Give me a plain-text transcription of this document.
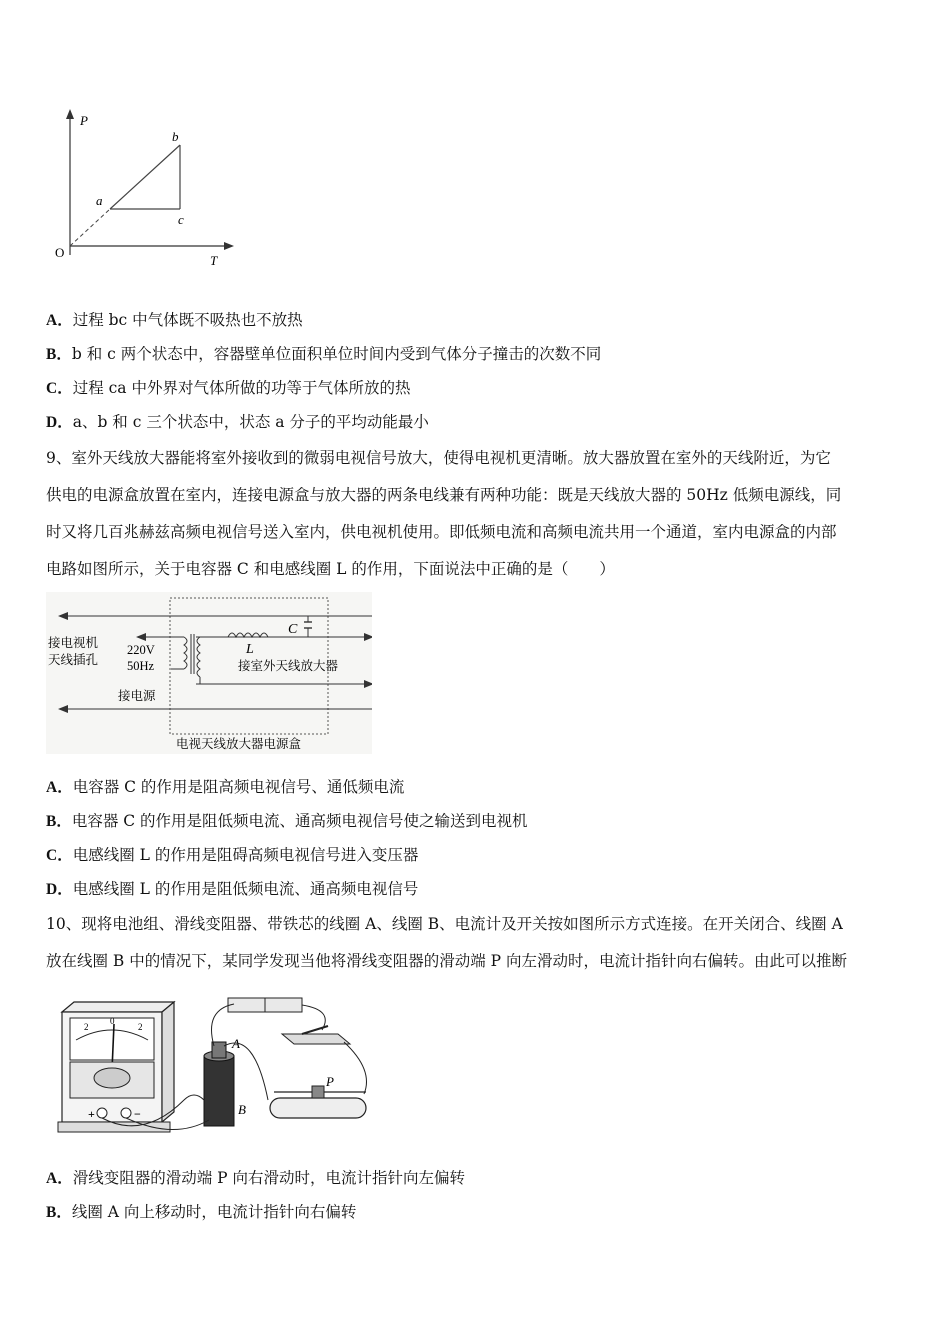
P
T
O
a
b
c
A．过程 bc 中气体既不吸热也不放热
B．b 和 c 两个状态中，容器壁单位面积单位时间内受到气体分子撞击的次数不同
C．过程 ca 中外界对气体所做的功等于气体所放的热
D．a、b 和 c 三个状态中，状态 a 分子的平均动能最小
9、室外天线放大器能将室外接收到的微弱电视信号放大，使得电视机更清晰。放大器放置在室外的天线附近，为它
供电的电源盒放置在室内，连接电源盒与放大器的两条电线兼有两种功能：既是天线放大器的 50Hz 低频电源线，同
时又将几百兆赫兹高频电视信号送入室内，供电视机使用。即低频电流和高频电流共用一个通道，室内电源盒的内部
电路如图所示，关于电容器 C 和电感线圈 L 的作用，下面说法中正确的是（　　）
接电视机
天线插孔
220V
50Hz
接电源
L
C
接室外天线放大器
电视天线放大器电源盒
A．电容器 C 的作用是阻高频电视信号、通低频电流
B．电容器 C 的作用是阻低频电流、通高频电视信号使之输送到电视机
C．电感线圈 L 的作用是阻碍高频电视信号进入变压器
D．电感线圈 L 的作用是阻低频电流、通高频电视信号
10、现将电池组、滑线变阻器、带铁芯的线圈 A、线圈 B、电流计及开关按如图所示方式连接。在开关闭合、线圈 A
放在线圈 B 中的情况下，某同学发现当他将滑线变阻器的滑动端 P 向左滑动时，电流计指针向右偏转。由此可以推断
2
0
2
+	−
A
B
P
A．滑线变阻器的滑动端 P 向右滑动时，电流计指针向左偏转
B．线圈 A 向上移动时，电流计指针向右偏转
